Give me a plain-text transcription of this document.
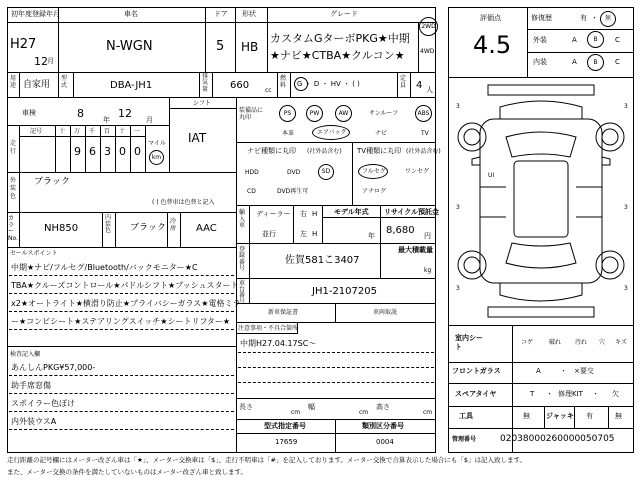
初年度登録年月
H27
12 月
車名
N-WGN
ドア
5
形状
HB
グレード
カスタムGターボPKG★中期
★ナビ★CTBA★クルコン★
2WD
4WD
用途 自家用
型式	DBA-JH1
排気量 660	cc
燃料 G ・ D ・ HV ・ ( )
定員 4 人
車検	8	年 12 月
シフト
IAT
走行
記号	十 万 千 百 十 一
9 6 3 0 0
マイル
km
外装色
ブラック
( ) 色替車は色替と記入
カラーNo.
NH850
内装色 ブラック
冷房 AAC
セールスポイント
中期★ナビ/フルセグ/Bluetooth/バックモニター★C
TBA★クルーズコントロール★パドルシフト★プッシュスタート
x2★オートライト★横滑り防止★プライバシーガラス★電格ミラ
ー★コンビシート★ステアリングスイッチ★シートリフター★
検査記入欄
あんしんPKG¥57,000-
助手席窓傷
スポイラー色ぼけ
内外装ウスA
装備品に丸印
PS	PW	AW	サンルーフ	ABS
本革	エアバック	ナビ	TV
ナビ種類に丸印 (社外品含む)
HDD	DVD	SD
CD	DVD再生可
TV種類に丸印 (社外品含む)
フルセグ	ワンセグ
アナログ
輸入車
ディーラー
並行
右 H
左 H
モデル年式
年
リサイクル預託金
8,680 円
最大積載量
kg
登録番号
佐賀581こ3407
車台番号
JH1-2107205
新車保証書	車両取説
注意事項・不具合箇所
中期H27.04.17SC〜
長さ
cm
幅
cm
高さ
cm
型式指定番号
17659
類別区分番号
0004
評価点
4.5
修復歴	有 ・ 無
外装	A	B C
内装	A	B C
3	3
3	3
3	3
UI
室内シート
コゲ	破れ 汚れ 穴 キズ
フロントガラス	A	・ ×要交
スペアタイヤ	T ・ 修理KIT ・ 欠
工具	無 ジャッキ 有	無
管理番号	02038000260000050705
走行距離の記号欄にはメーター改ざん車は「★」、メーター交換車は「$」、走行不明車は「#」を記入しております。メーター交換で合算表示した場合にも「$」は記入致します。
また、メーター交換の条件を満たしていないものはメーター改ざん車と致します。
